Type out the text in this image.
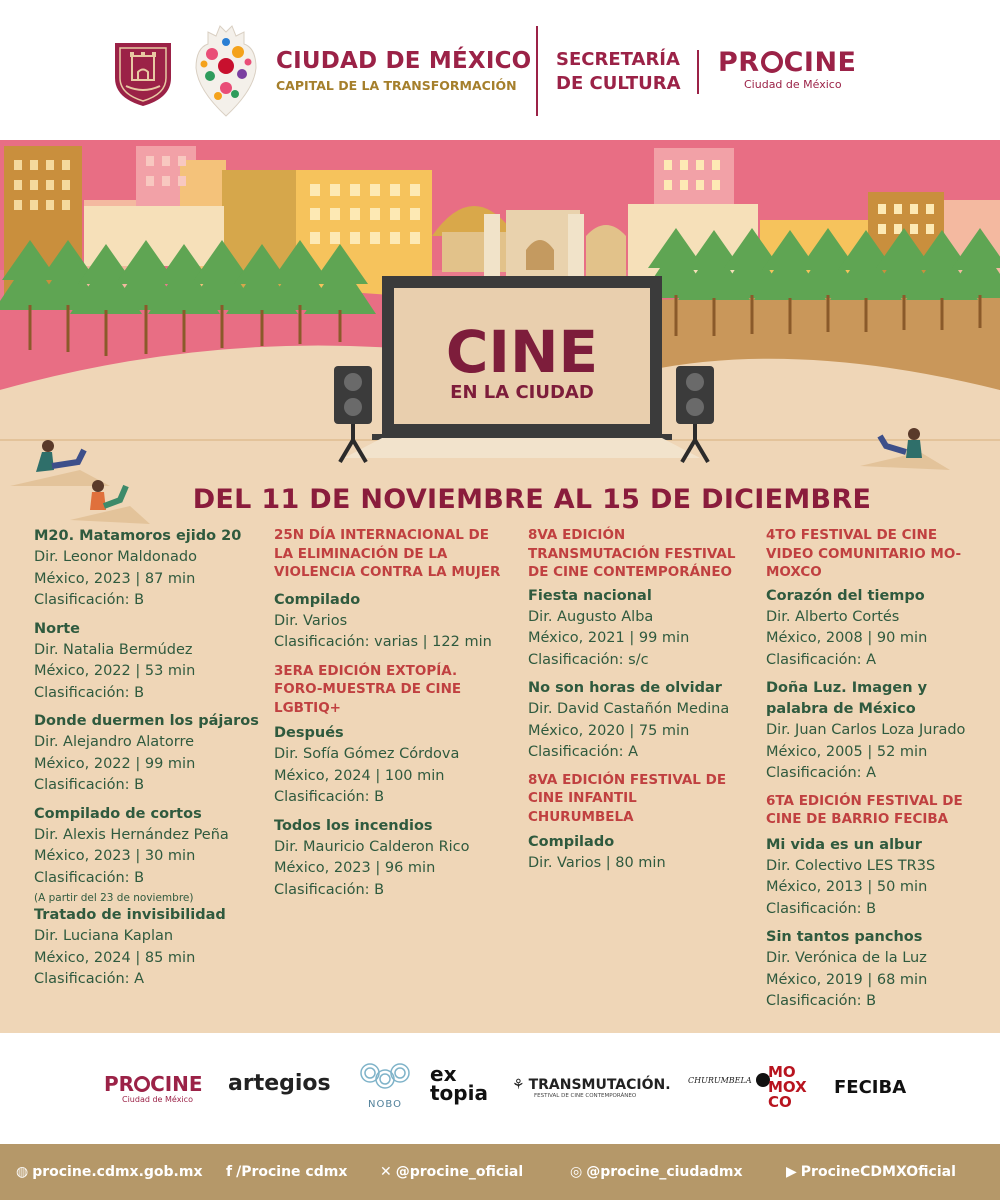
CIUDAD DE MÉXICO
CAPITAL DE LA TRANSFORMACIÓN
SECRETARÍA
DE CULTURA
PR CINE
Ciudad de México
CINE
EN LA CIUDAD
DEL 11 DE NOVIEMBRE AL 15 DE DICIEMBRE
M20. Matamoros ejido 20
Dir. Leonor Maldonado
México, 2023 | 87 min
Clasificación: B
Norte
Dir. Natalia Bermúdez
México, 2022 | 53 min
Clasificación: B
Donde duermen los pájaros
Dir. Alejandro Alatorre
México, 2022 | 99 min
Clasificación: B
Compilado de cortos
Dir. Alexis Hernández Peña
México, 2023 | 30 min
Clasificación: B
(A partir del 23 de noviembre)
Tratado de invisibilidad
Dir. Luciana Kaplan
México, 2024 | 85 min
Clasificación: A
25N DÍA INTERNACIONAL DE LA ELIMINACIÓN DE LA VIOLENCIA CONTRA LA MUJER
Compilado
Dir. Varios
Clasificación: varias | 122 min
3ERA EDICIÓN EXTOPÍA. FORO-MUESTRA DE CINE LGBTIQ+
Después
Dir. Sofía Gómez Córdova
México, 2024 | 100 min
Clasificación: B
Todos los incendios
Dir. Mauricio Calderon Rico
México, 2023 | 96 min
Clasificación: B
8VA EDICIÓN TRANSMUTACIÓN FESTIVAL DE CINE CONTEMPORÁNEO
Fiesta nacional
Dir. Augusto Alba
México, 2021 | 99 min
Clasificación: s/c
No son horas de olvidar
Dir. David Castañón Medina
México, 2020 | 75 min
Clasificación: A
8VA EDICIÓN FESTIVAL DE CINE INFANTIL CHURUMBELA
Compilado
Dir. Varios | 80 min
4TO FESTIVAL DE CINE VIDEO COMUNITARIO MO-MOXCO
Corazón del tiempo
Dir. Alberto Cortés
México, 2008 | 90 min
Clasificación: A
Doña Luz. Imagen y palabra de México
Dir. Juan Carlos Loza Jurado
México, 2005 | 52 min
Clasificación: A
6TA EDICIÓN FESTIVAL DE CINE DE BARRIO FECIBA
Mi vida es un albur
Dir. Colectivo LES TR3S
México, 2013 | 50 min
Clasificación: B
Sin tantos panchos
Dir. Verónica de la Luz
México, 2019 | 68 min
Clasificación: B
PR CINE
Ciudad de México
artegios
NOBO
ex
topia ⚘ TRANSMUTACIÓN.
FESTIVAL DE CINE CONTEMPORÁNEO
CHURUMBELA MO
MOX
CO
FECIBA
◍ procine.cdmx.gob.mx f /Procine cdmx ✕ @procine_oficial	◎ @procine_ciudadmx	▶ ProcineCDMXOficial
